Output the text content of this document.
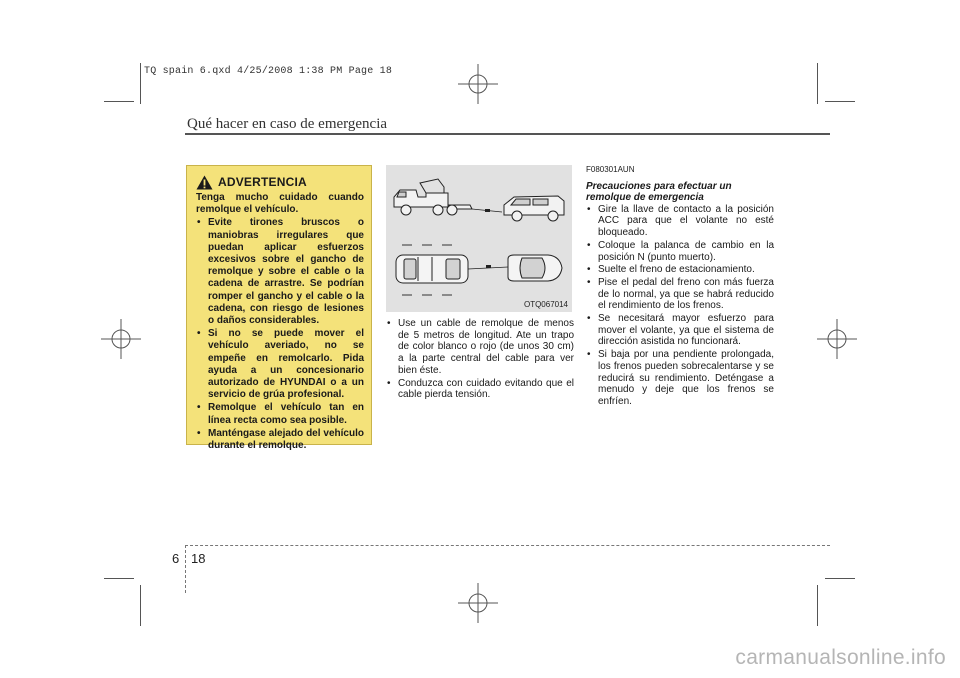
TQ spain 6.qxd 4/25/2008 1:38 PM Page 18
Qué hacer en caso de emergencia
ADVERTENCIA

Tenga mucho cuidado cuando remolque el vehículo.

• Evite tirones bruscos o maniobras irregulares que puedan aplicar esfuerzos excesivos sobre el gancho de remolque y sobre el cable o la cadena de arrastre. Se podrían romper el gancho y el cable o la cadena, con riesgo de lesiones o daños considerables.
• Si no se puede mover el vehículo averiado, no se empeñe en remolcarlo. Pida ayuda a un concesionario autorizado de HYUNDAI o a un servicio de grúa profesional.
• Remolque el vehículo tan en línea recta como sea posible.
• Manténgase alejado del vehículo durante el remolque.
OTQ067014
• Use un cable de remolque de menos de 5 metros de longitud. Ate un trapo de color blanco o rojo (de unos 30 cm) a la parte central del cable para ver bien éste.
• Conduzca con cuidado evitando que el cable pierda tensión.
F080301AUN
Precauciones para efectuar un remolque de emergencia
• Gire la llave de contacto a la posición ACC para que el volante no esté bloqueado.
• Coloque la palanca de cambio en la posición N (punto muerto).
• Suelte el freno de estacionamiento.
• Pise el pedal del freno con más fuerza de lo normal, ya que se habrá reducido el rendimiento de los frenos.
• Se necesitará mayor esfuerzo para mover el volante, ya que el sistema de dirección asistida no funcionará.
• Si baja por una pendiente prolongada, los frenos pueden sobrecalentarse y se reducirá su rendimiento. Deténgase a menudo y deje que los frenos se enfríen.
6 18
carmanualsonline.info
